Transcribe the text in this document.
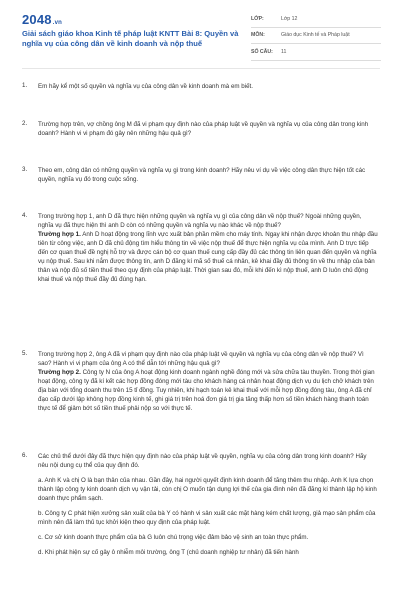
2048.vn
Giải sách giáo khoa Kinh tế pháp luật KNTT Bài 8: Quyền và nghĩa vụ của công dân về kinh doanh và nộp thuế
LỚP:	Lớp 12
MÔN:	Giáo dục Kinh tế và Pháp luật
SỐ CÂU:	11
1. Em hãy kể một số quyền và nghĩa vụ của công dân về kinh doanh mà em biết.
2. Trường hợp trên, vợ chồng ông M đã vi phạm quy định nào của pháp luật về quyền và nghĩa vụ của công dân trong kinh doanh? Hành vi vi phạm đó gây nên những hậu quả gì?
3. Theo em, công dân có những quyền và nghĩa vụ gì trong kinh doanh? Hãy nêu ví dụ về việc công dân thực hiện tốt các quyền, nghĩa vụ đó trong cuộc sống.
4. Trong trường hợp 1, anh D đã thực hiện những quyền và nghĩa vụ gì của công dân về nộp thuế? Ngoài những quyền, nghĩa vụ đã thực hiện thì anh D còn có những quyền và nghĩa vụ nào khác về nộp thuế?
Trường hợp 1. Anh D hoạt động trong lĩnh vực xuất bản phần mềm cho máy tính. Ngay khi nhận được khoản thu nhập đầu tiên từ công việc, anh D đã chủ động tìm hiểu thông tin về việc nộp thuế để thực hiện nghĩa vụ của mình. Anh D trực tiếp đến cơ quan thuế đề nghị hỗ trợ và được cán bộ cơ quan thuế cung cấp đầy đủ các thông tin liên quan đến quyền và nghĩa vụ nộp thuế. Sau khi nắm được thông tin, anh D đăng kí mã số thuế cá nhân, kê khai đầy đủ thông tin về thu nhập của bản thân và nộp đủ số tiền thuế theo quy định của pháp luật. Thời gian sau đó, mỗi khi đến kì nộp thuế, anh D luôn chủ động khai thuế và nộp thuế đầy đủ đúng hạn.
5. Trong trường hợp 2, ông A đã vi phạm quy định nào của pháp luật về quyền và nghĩa vụ của công dân về nộp thuế? Vì sao? Hành vi vi phạm của ông A có thể dẫn tới những hậu quả gì?
Trường hợp 2. Công ty N của ông A hoạt động kinh doanh ngành nghề đóng mới và sửa chữa tàu thuyền. Trong thời gian hoạt động, công ty đã kí kết các hợp đồng đóng mới tàu cho khách hàng cá nhân hoạt động dịch vụ du lịch chở khách trên địa bàn với tổng doanh thu trên 15 tỉ đồng. Tuy nhiên, khi hạch toán kê khai thuế với mỗi hợp đồng đóng tàu, ông A đã chỉ đạo cấp dưới lập không hợp đồng kinh tế, ghi giá trị trên hoá đơn giá trị gia tăng thấp hơn số tiền khách hàng thanh toán thực tế để giảm bớt số tiền thuế phải nộp so với thực tế.
6. Các chủ thể dưới đây đã thực hiện quy định nào của pháp luật về quyền, nghĩa vụ của công dân trong kinh doanh? Hãy nêu nội dung cụ thể của quy định đó.
a. Anh K và chị O là bạn thân của nhau. Gần đây, hai người quyết định kinh doanh để tăng thêm thu nhập. Anh K lựa chọn thành lập công ty kinh doanh dịch vụ vận tải, còn chị O muốn tận dụng lợi thế của gia đình nên đã đăng kí thành lập hộ kinh doanh thực phẩm sạch.
b. Công ty C phát hiện xưởng sản xuất của bà Y có hành vi sản xuất các mặt hàng kém chất lượng, giả mạo sản phẩm của mình nên đã làm thủ tục khởi kiện theo quy định của pháp luật.
c. Cơ sở kinh doanh thực phẩm của bà G luôn chú trọng việc đảm bảo vệ sinh an toàn thực phẩm.
d. Khi phát hiện sự cố gây ô nhiễm môi trường, ông T (chủ doanh nghiệp tư nhân) đã tiến hành
